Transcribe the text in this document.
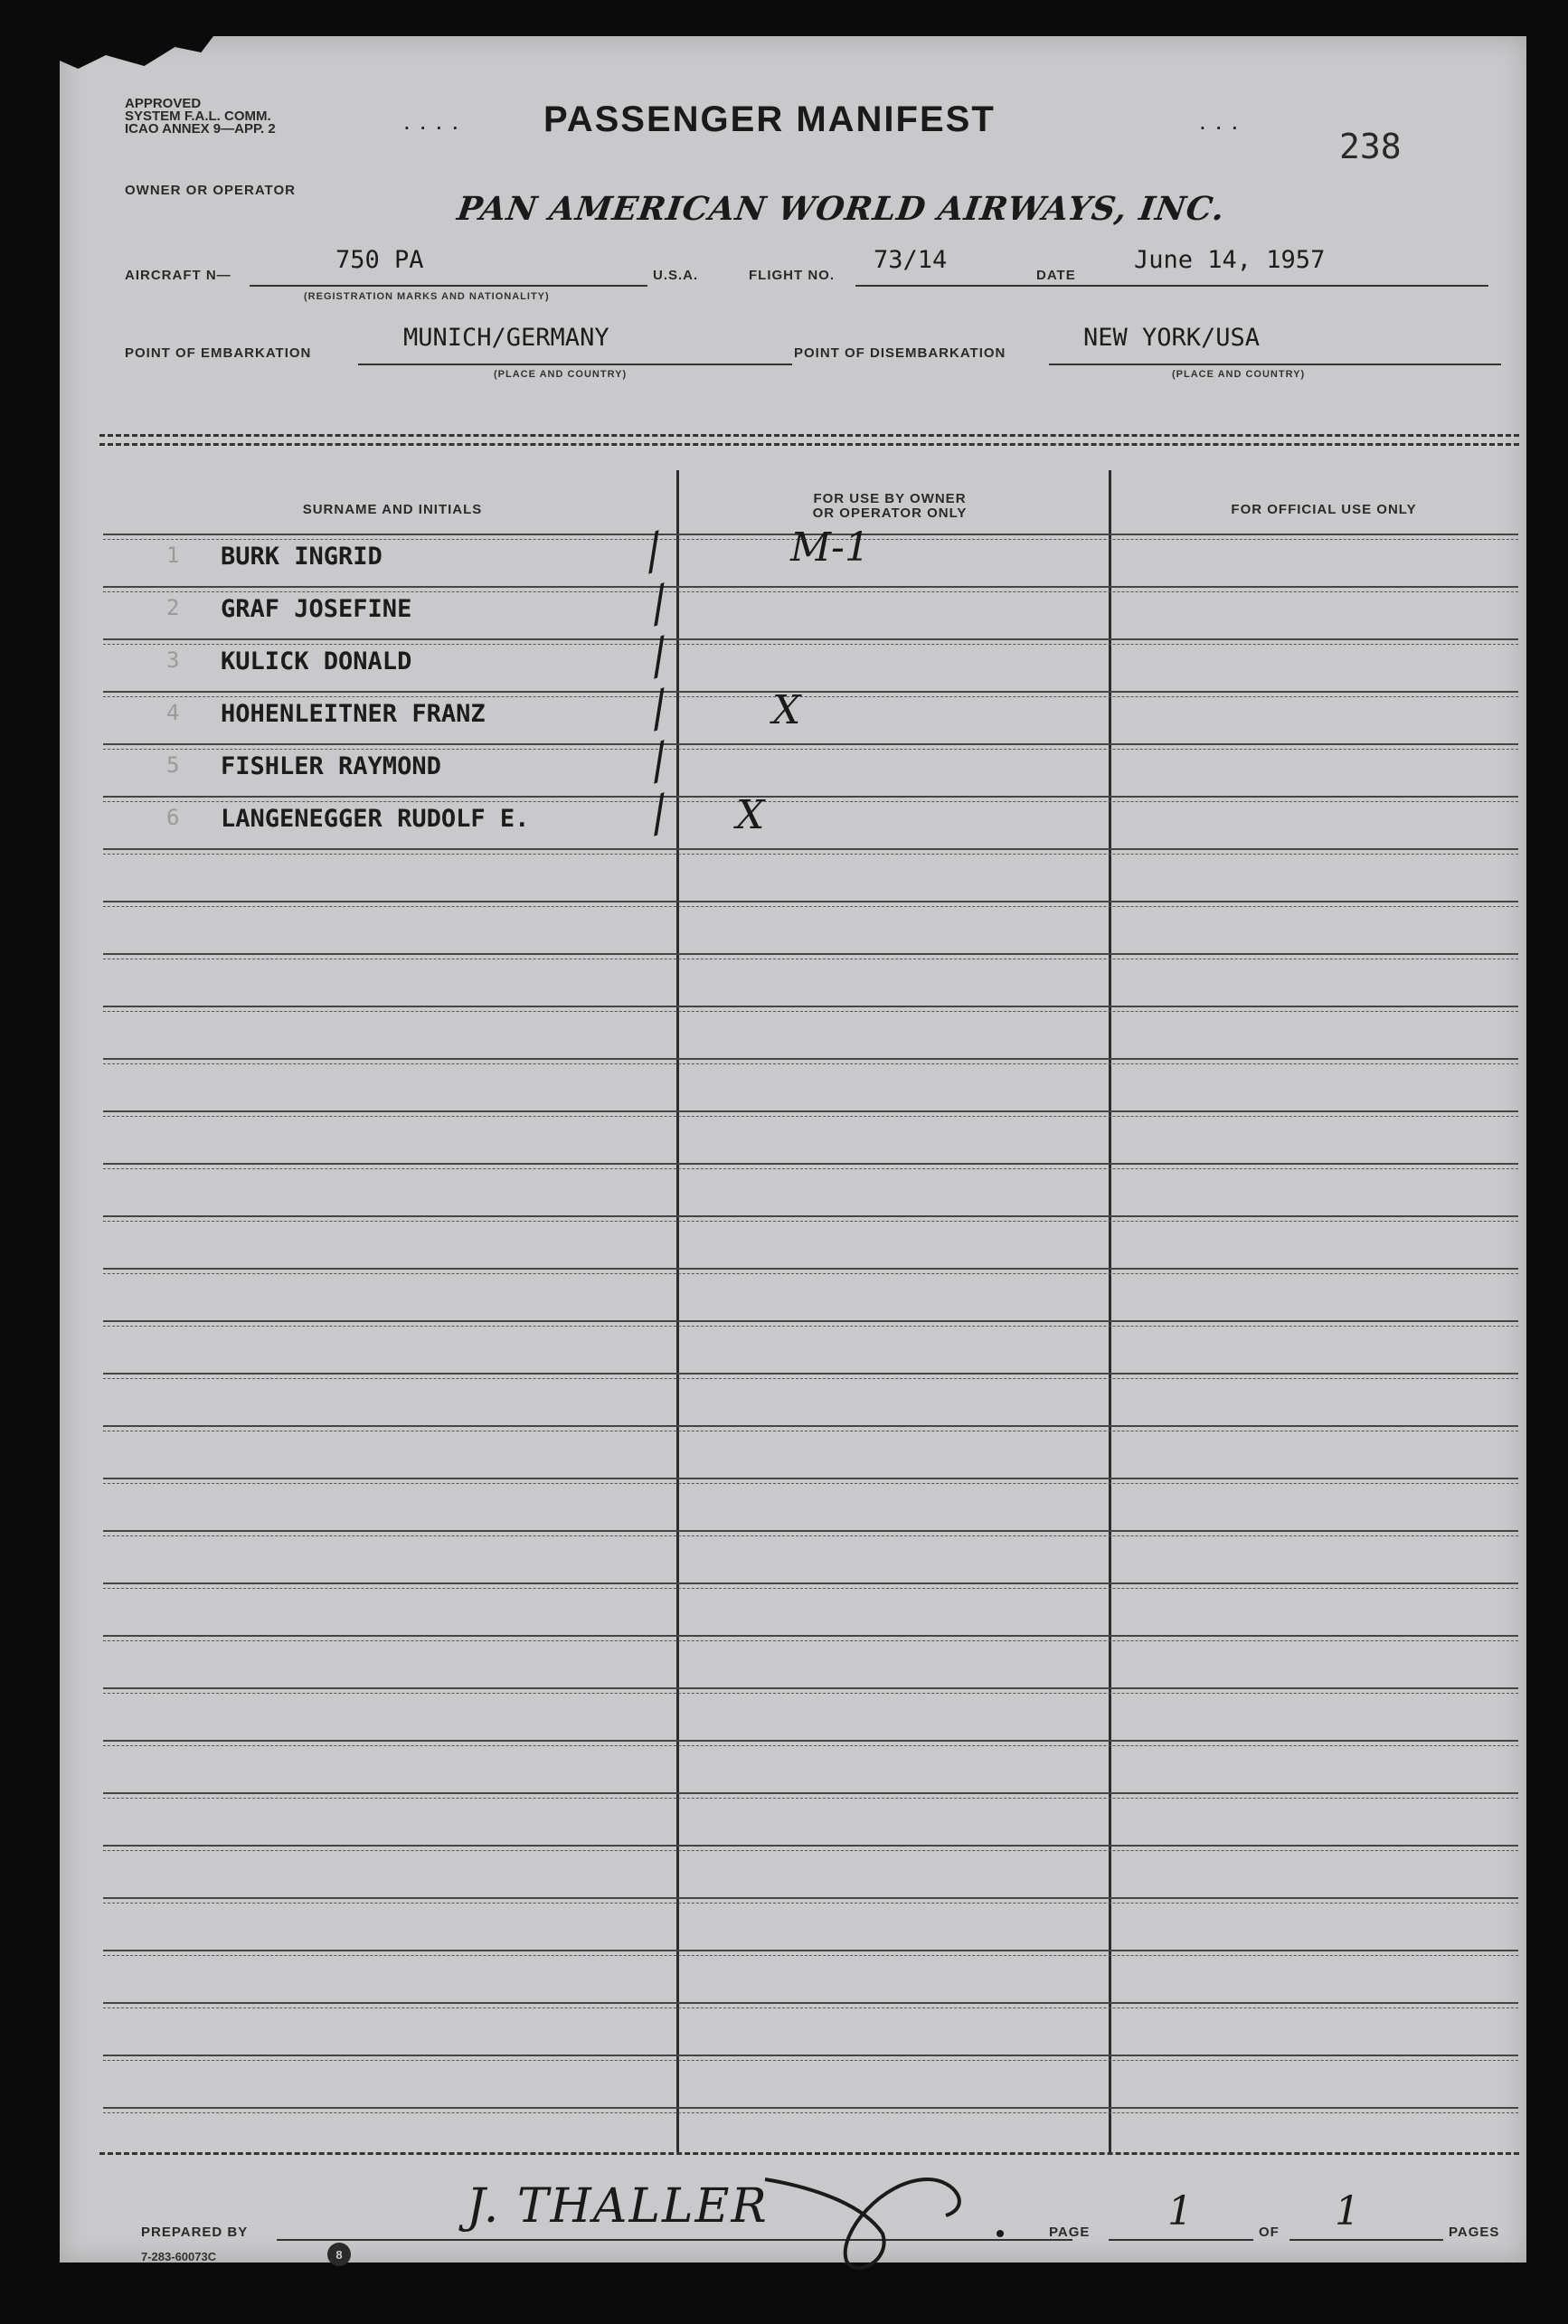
APPROVED
SYSTEM F.A.L. COMM.
ICAO ANNEX 9—APP. 2	....	...
PASSENGER MANIFEST
238
OWNER OR OPERATOR	PAN AMERICAN WORLD AIRWAYS, INC.
AIRCRAFT N—
750 PA
(REGISTRATION MARKS AND NATIONALITY)
U.S.A.	FLIGHT NO.
73/14
DATE
June 14, 1957
POINT OF EMBARKATION
MUNICH/GERMANY
(PLACE AND COUNTRY)
POINT OF DISEMBARKATION
NEW YORK/USA
(PLACE AND COUNTRY)
SURNAME AND INITIALS
FOR USE BY OWNER
OR OPERATOR ONLY	FOR OFFICIAL USE ONLY
1 BURK INGRID	/	M-1
2 GRAF JOSEFINE	/
3 KULICK DONALD	/
4 HOHENLEITNER FRANZ	/ X
5 FISHLER RAYMOND	/
6 LANGENEGGER RUDOLF E. / X
PREPARED BY	J. THALLER	PAGE 1	OF 1	PAGES
7-283-60073C	8
